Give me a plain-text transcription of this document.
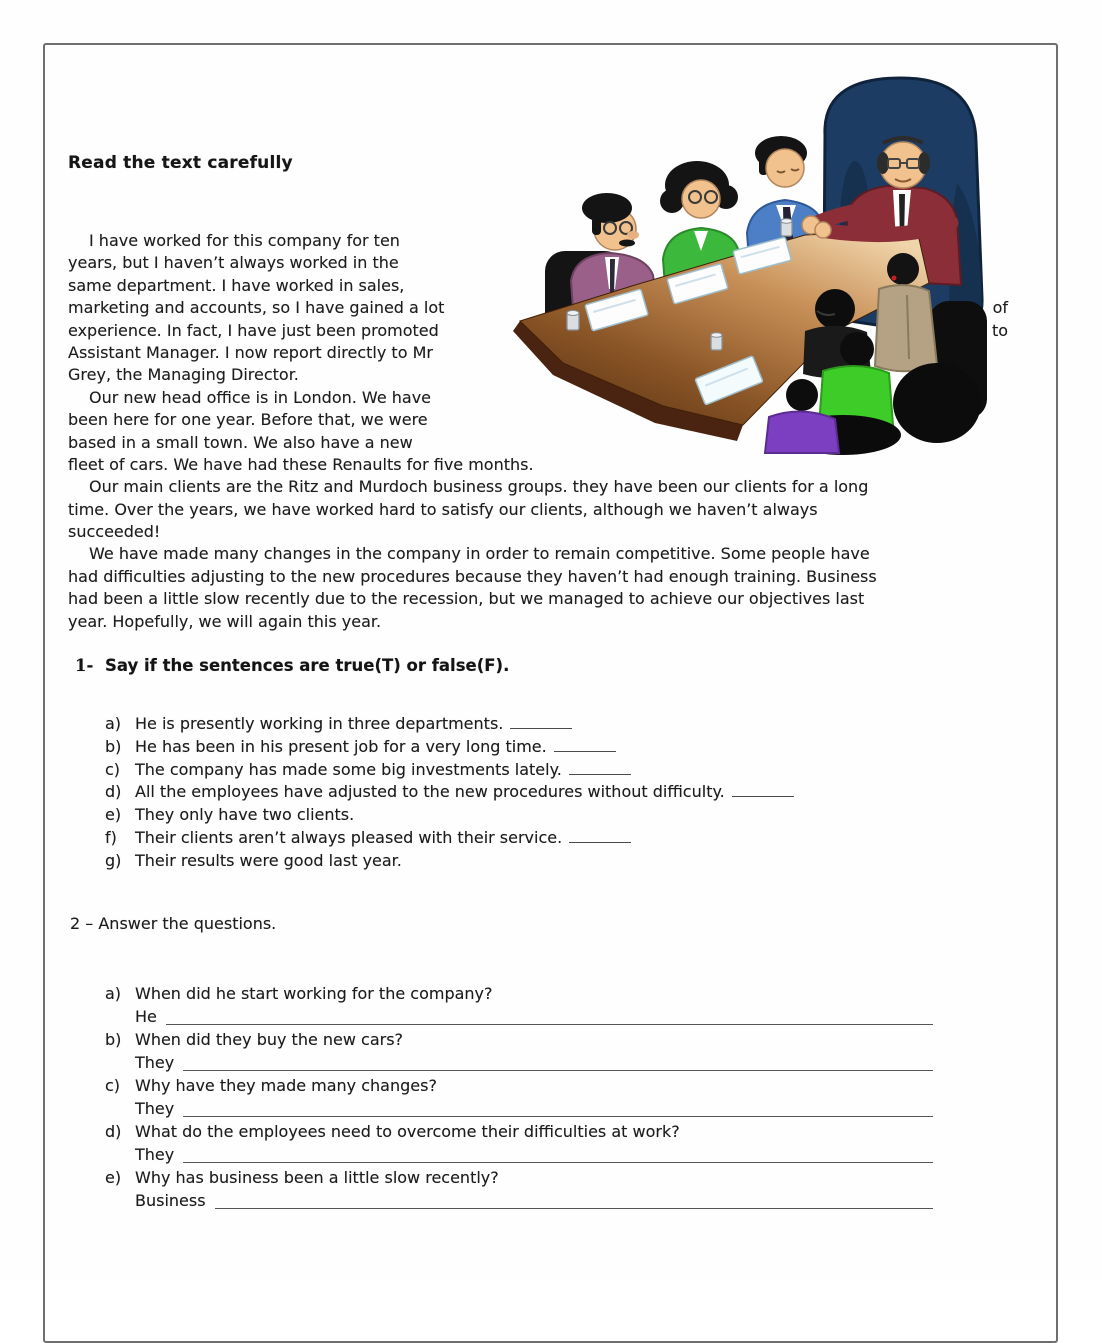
Read the text carefully
I have worked for this company for ten
years, but I haven’t always worked in the
same department. I have worked in sales,
marketing and accounts, so I have gained a lot	of
experience. In fact, I have just been promoted	to
Assistant Manager. I now report directly to Mr
Grey, the Managing Director.
Our new head office is in London. We have
been here for one year. Before that, we were
based in a small town. We also have a new
fleet of cars. We have had these Renaults for five months.
Our main clients are the Ritz and Murdoch business groups. they have been our clients for a long
time. Over the years, we have worked hard to satisfy our clients, although we haven’t always
succeeded!
We have made many changes in the company in order to remain competitive. Some people have
had difficulties adjusting to the new procedures because they haven’t had enough training. Business
had been a little slow recently due to the recession, but we managed to achieve our objectives last
year. Hopefully, we will again this year.
1- Say if the sentences are true(T) or false(F).
a) He is presently working in three departments.
b) He has been in his present job for a very long time.
c) The company has made some big investments lately.
d) All the employees have adjusted to the new procedures without difficulty.
e) They only have two clients.
f) Their clients aren’t always pleased with their service.
g) Their results were good last year.
2 – Answer the questions.
a) When did he start working for the company?
He
b) When did they buy the new cars?
They
c) Why have they made many changes?
They
d) What do the employees need to overcome their difficulties at work?
They
e) Why has business been a little slow recently?
Business
